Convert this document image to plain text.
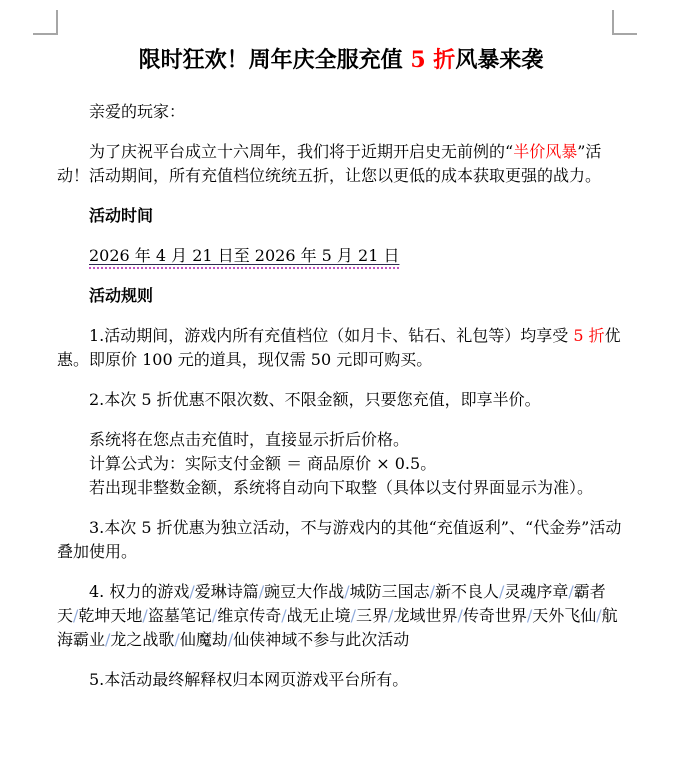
限时狂欢！周年庆全服充值 5 折风暴来袭

亲爱的玩家：

为了庆祝平台成立十六周年，我们将于近期开启史无前例的“半价风暴”活动！活动期间，所有充值档位统统五折，让您以更低的成本获取更强的战力。

活动时间

2026 年 4 月 21 日至 2026 年 5 月 21 日

活动规则

1.活动期间，游戏内所有充值档位（如月卡、钻石、礼包等）均享受 5 折优惠。即原价 100 元的道具，现仅需 50 元即可购买。

2.本次 5 折优惠不限次数、不限金额，只要您充值，即享半价。

系统将在您点击充值时，直接显示折后价格。
计算公式为：实际支付金额 ＝ 商品原价 × 0.5。
若出现非整数金额，系统将自动向下取整（具体以支付界面显示为准）。

3.本次 5 折优惠为独立活动，不与游戏内的其他“充值返利”、“代金券”活动叠加使用。

4. 权力的游戏/爱琳诗篇/豌豆大作战/城防三国志/新不良人/灵魂序章/霸者天/乾坤天地/盗墓笔记/维京传奇/战无止境/三界/龙域世界/传奇世界/天外飞仙/航海霸业/龙之战歌/仙魔劫/仙侠神域不参与此次活动

5.本活动最终解释权归本网页游戏平台所有。
